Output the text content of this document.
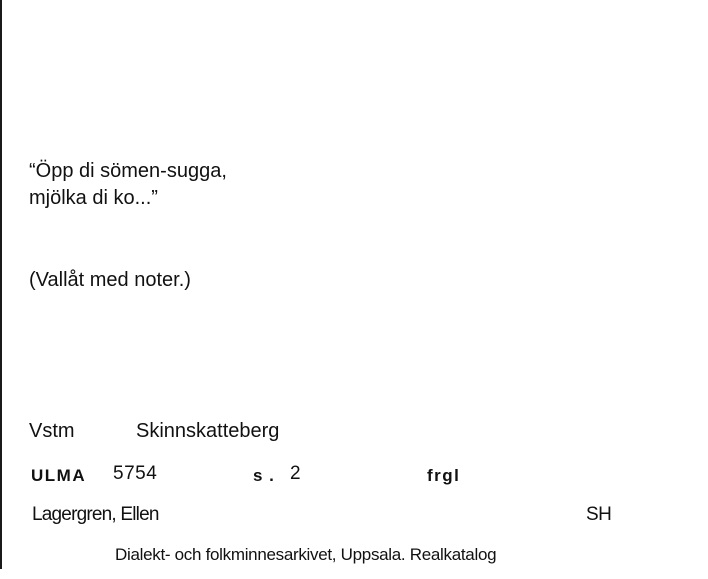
“Öpp di sömen-sugga,
mjölka di ko...”
(Vallåt med noter.)
Vstm	Skinnskatteberg
ULMA 5754	s . 2	frgl
Lagergren, Ellen	SH
Dialekt- och folkminnesarkivet, Uppsala. Realkatalog
